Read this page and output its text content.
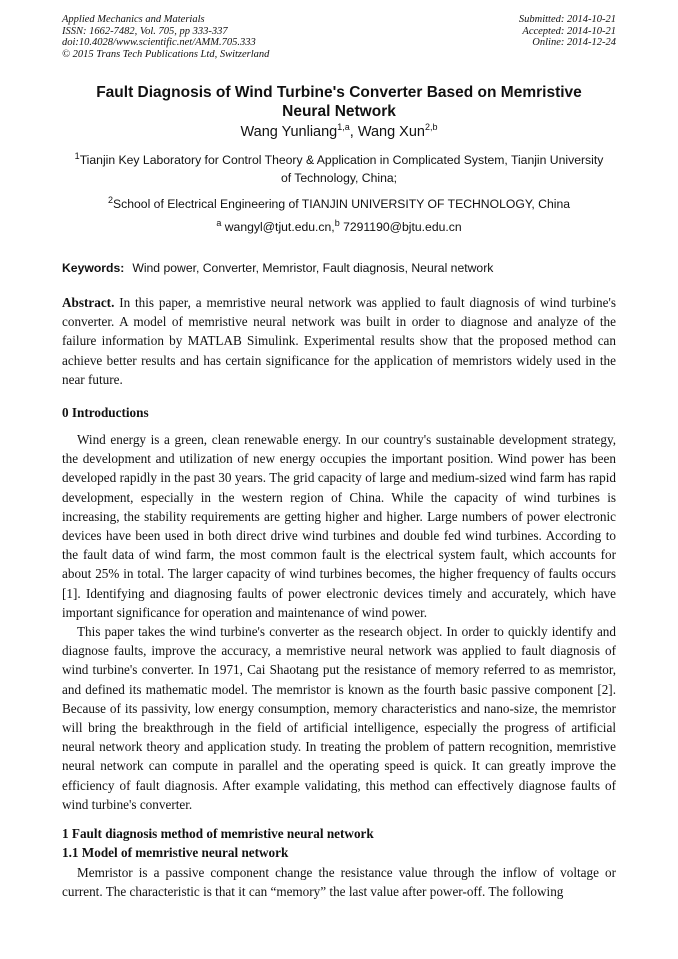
Applied Mechanics and Materials
ISSN: 1662-7482, Vol. 705, pp 333-337
doi:10.4028/www.scientific.net/AMM.705.333
© 2015 Trans Tech Publications Ltd, Switzerland
Submitted: 2014-10-21
Accepted: 2014-10-21
Online: 2014-12-24
Fault Diagnosis of Wind Turbine's Converter Based on Memristive
Neural Network
Wang Yunliang$^{1,a}$, Wang Xun$^{2,b}$
$^1$Tianjin Key Laboratory for Control Theory & Application in Complicated System, Tianjin University
of Technology, China;
$^2$School of Electrical Engineering of TIANJIN UNIVERSITY OF TECHNOLOGY, China
$^a$ wangyl@tjut.edu.cn,$^b$ 7291190@bjtu.edu.cn
Keywords: Wind power, Converter, Memristor, Fault diagnosis, Neural network
Abstract. In this paper, a memristive neural network was applied to fault diagnosis of wind turbine's converter. A model of memristive neural network was built in order to diagnose and analyze of the failure information by MATLAB Simulink. Experimental results show that the proposed method can achieve better results and has certain significance for the application of memristors widely used in the near future.
0 Introductions

Wind energy is a green, clean renewable energy. In our country's sustainable development strategy, the development and utilization of new energy occupies the important position. Wind power has been developed rapidly in the past 30 years. The grid capacity of large and medium-sized wind farm has rapid development, especially in the western region of China. While the capacity of wind turbines is increasing, the stability requirements are getting higher and higher. Large numbers of power electronic devices have been used in both direct drive wind turbines and double fed wind turbines. According to the fault data of wind farm, the most common fault is the electrical system fault, which accounts for about 25% in total. The larger capacity of wind turbines becomes, the higher frequency of faults occurs [1]. Identifying and diagnosing faults of power electronic devices timely and accurately, which have important significance for operation and maintenance of wind power.

This paper takes the wind turbine's converter as the research object. In order to quickly identify and diagnose faults, improve the accuracy, a memristive neural network was applied to fault diagnosis of wind turbine's converter. In 1971, Cai Shaotang put the resistance of memory referred to as memristor, and defined its mathematic model. The memristor is known as the fourth basic passive component [2]. Because of its passivity, low energy consumption, memory characteristics and nano-size, the memristor will bring the breakthrough in the field of artificial intelligence, especially the progress of artificial neural network theory and application study. In treating the problem of pattern recognition, memristive neural network can compute in parallel and the operating speed is quick. It can greatly improve the efficiency of fault diagnosis. After example validating, this method can effectively diagnose faults of wind turbine's converter.

1 Fault diagnosis method of memristive neural network
1.1 Model of memristive neural network

Memristor is a passive component change the resistance value through the inflow of voltage or current. The characteristic is that it can “memory” the last value after power-off. The following
